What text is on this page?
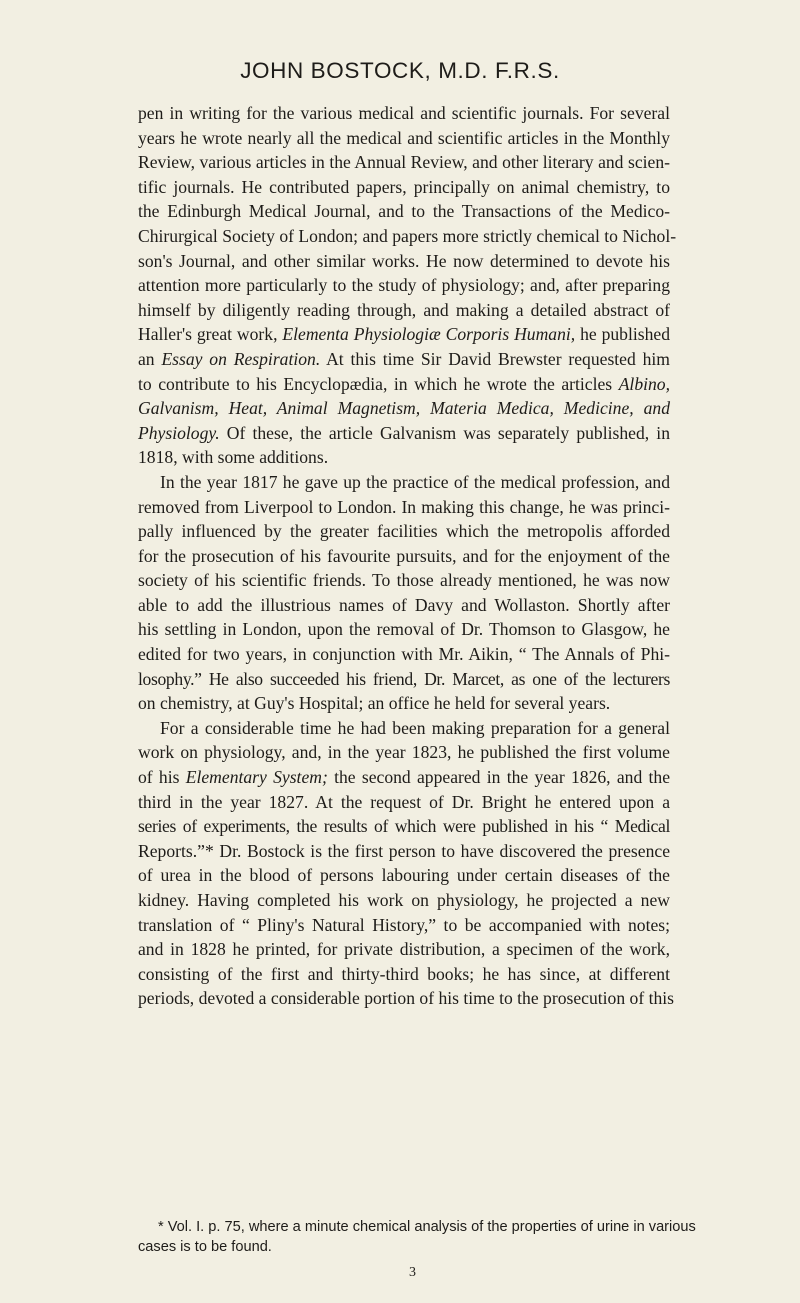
JOHN BOSTOCK, M.D. F.R.S.
pen in writing for the various medical and scientific journals. For several
years he wrote nearly all the medical and scientific articles in the Monthly
Review, various articles in the Annual Review, and other literary and scien-
tific journals. He contributed papers, principally on animal chemistry, to
the Edinburgh Medical Journal, and to the Transactions of the Medico-
Chirurgical Society of London; and papers more strictly chemical to Nichol-
son's Journal, and other similar works. He now determined to devote his
attention more particularly to the study of physiology; and, after preparing
himself by diligently reading through, and making a detailed abstract of
Haller's great work, Elementa Physiologiæ Corporis Humani, he published
an Essay on Respiration. At this time Sir David Brewster requested him
to contribute to his Encyclopædia, in which he wrote the articles Albino,
Galvanism, Heat, Animal Magnetism, Materia Medica, Medicine, and
Physiology. Of these, the article Galvanism was separately published, in
1818, with some additions.
In the year 1817 he gave up the practice of the medical profession, and
removed from Liverpool to London. In making this change, he was princi-
pally influenced by the greater facilities which the metropolis afforded
for the prosecution of his favourite pursuits, and for the enjoyment of the
society of his scientific friends. To those already mentioned, he was now
able to add the illustrious names of Davy and Wollaston. Shortly after
his settling in London, upon the removal of Dr. Thomson to Glasgow, he
edited for two years, in conjunction with Mr. Aikin, “ The Annals of Phi-
losophy.” He also succeeded his friend, Dr. Marcet, as one of the lecturers
on chemistry, at Guy's Hospital; an office he held for several years.
For a considerable time he had been making preparation for a general
work on physiology, and, in the year 1823, he published the first volume
of his Elementary System; the second appeared in the year 1826, and the
third in the year 1827. At the request of Dr. Bright he entered upon a
series of experiments, the results of which were published in his “ Medical
Reports.”* Dr. Bostock is the first person to have discovered the presence
of urea in the blood of persons labouring under certain diseases of the
kidney. Having completed his work on physiology, he projected a new
translation of “ Pliny's Natural History,” to be accompanied with notes;
and in 1828 he printed, for private distribution, a specimen of the work,
consisting of the first and thirty-third books; he has since, at different
periods, devoted a considerable portion of his time to the prosecution of this
* Vol. I. p. 75, where a minute chemical analysis of the properties of urine in various
cases is to be found.
3
